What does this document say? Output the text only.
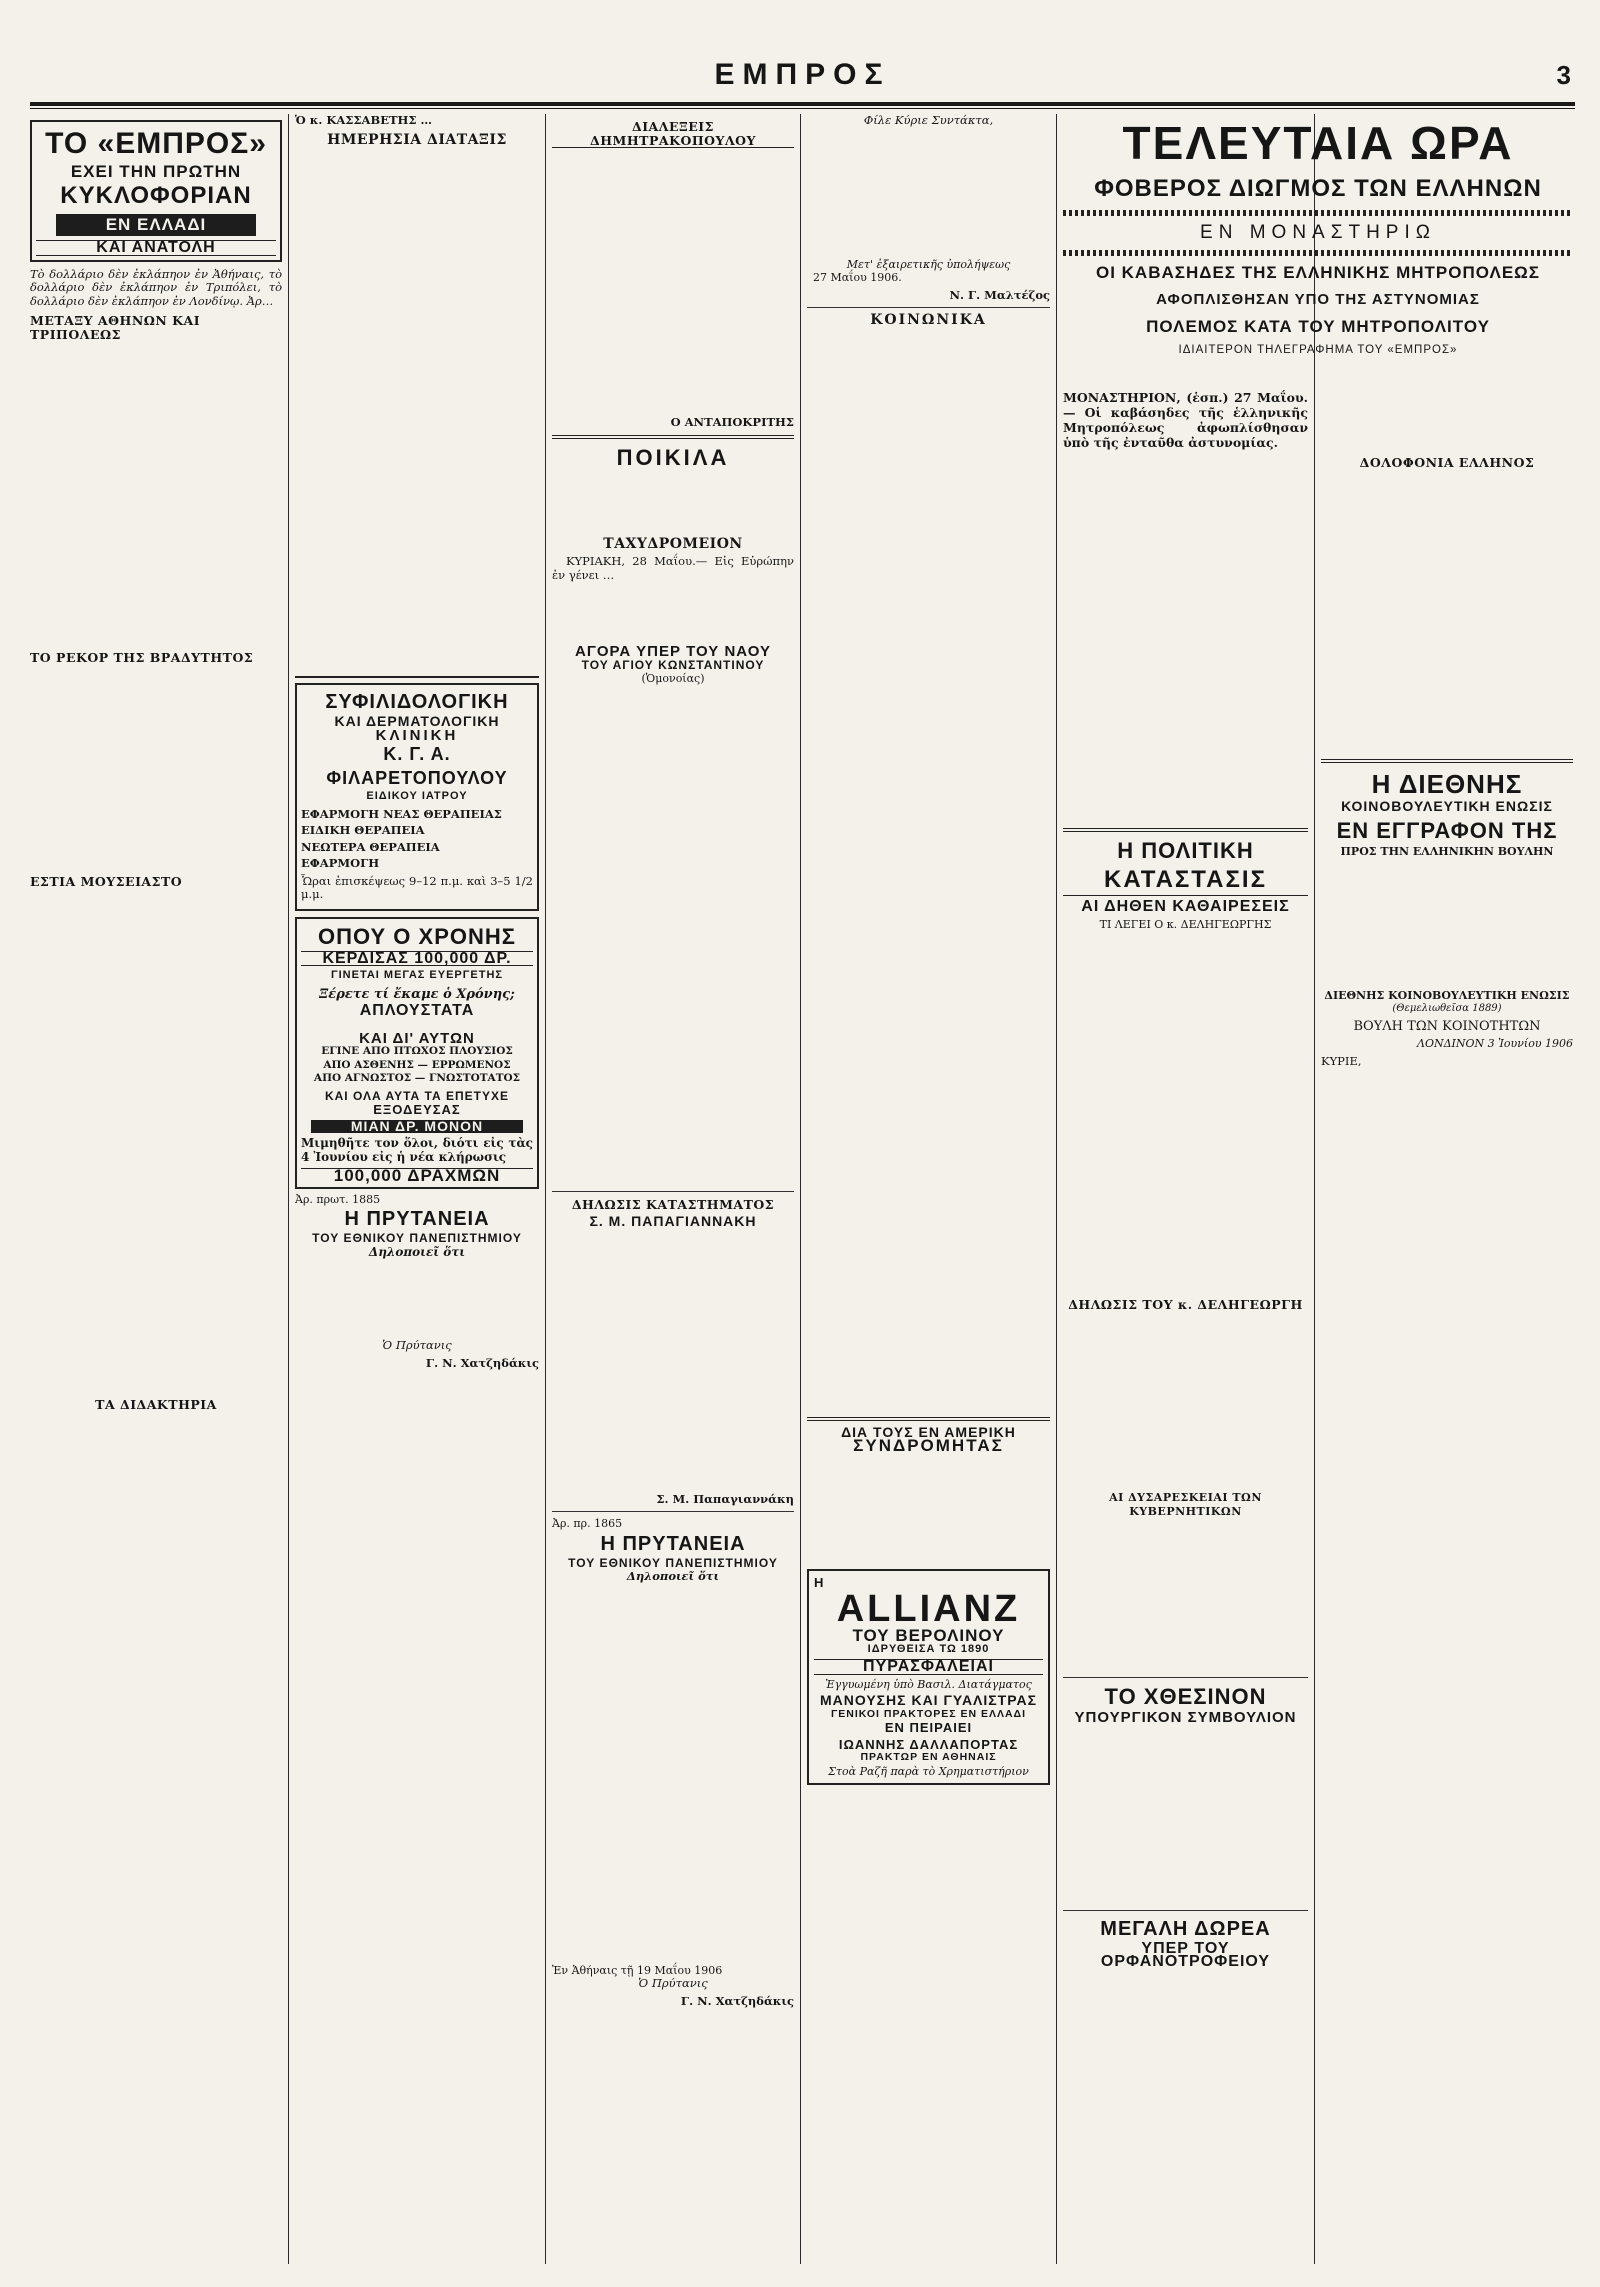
ΕΜΠΡΟΣ	3
ΤΟ «ΕΜΠΡΟΣ»
ΕΧΕΙ ΤΗΝ ΠΡΩΤΗΝ
ΚΥΚΛΟΦΟΡΙΑΝ
ΕΝ ΕΛΛΑΔΙ
ΚΑΙ ΑΝΑΤΟΛΗ

Τὸ δολλάριο δὲν ἐκλάπηον ἐν Ἀθήναις, τὸ δολλάριο δὲν ἐκλάπηον ἐν Τριπόλει, τὸ δολλάριο δὲν ἐκλάπηον ἐν Λονδίνῳ. Ἀρ…

ΜΕΤΑΞΥ ΑΘΗΝΩΝ ΚΑΙ ΤΡΙΠΟΛΕΩΣ
ΤΟ ΡΕΚΟΡ ΤΗΣ ΒΡΑΔΥΤΗΤΟΣ
ΕΣΤΙΑ ΜΟΥΣΕΙΑΣΤΟ
ΤΑ ΔΙΔΑΚΤΗΡΙΑ

Ὁ κ. ΚΑΣΣΑΒΕΤΗΣ …

ΗΜΕΡΗΣΙΑ ΔΙΑΤΑΞΙΣ
ΣΥΦΙΛΙΔΟΛΟΓΙΚΗ
ΚΑΙ ΔΕΡΜΑΤΟΛΟΓΙΚΗ
ΚΛΙΝΙΚΗ
Κ. Γ. Α. ΦΙΛΑΡΕΤΟΠΟΥΛΟΥ
ΕΙΔΙΚΟΥ ΙΑΤΡΟΥ

ΕΦΑΡΜΟΓΗ ΝΕΑΣ ΘΕΡΑΠΕΙΑΣ

ΕΙΔΙΚΗ ΘΕΡΑΠΕΙΑ

ΝΕΩΤΕΡΑ ΘΕΡΑΠΕΙΑ

ΕΦΑΡΜΟΓΗ

Ὧραι ἐπισκέψεως 9–12 π.μ. καὶ 3–5 1/2 μ.μ.

ΟΠΟΥ Ο ΧΡΟΝΗΣ
ΚΕΡΔΙΣΑΣ 100,000 ΔΡ.
ΓΙΝΕΤΑΙ ΜΕΓΑΣ ΕΥΕΡΓΕΤΗΣ
Ξέρετε τί ἔκαμε ὁ Χρόνης;
ΑΠΛΟΥΣΤΑΤΑ
ΚΑΙ ΔΙ' ΑΥΤΩΝ
ΕΓΙΝΕ ΑΠΟ ΠΤΩΧΟΣ ΠΛΟΥΣΙΟΣ
ΑΠΟ ΑΣΘΕΝΗΣ — ΕΡΡΩΜΕΝΟΣ
ΑΠΟ ΑΓΝΩΣΤΟΣ — ΓΝΩΣΤΟΤΑΤΟΣ
ΚΑΙ ΟΛΑ ΑΥΤΑ ΤΑ ΕΠΕΤΥΧΕ
ΕΞΟΔΕΥΣΑΣ
ΜΙΑΝ ΔΡ. ΜΟΝΟΝ

Μιμηθῆτε τον ὅλοι, διότι εἰς τὰς 4 Ἰουνίου εἰς ἡ νέα κλήρωσις

100,000 ΔΡΑΧΜΩΝ
Ἀρ. πρωτ. 1885
Η ΠΡΥΤΑΝΕΙΑ
ΤΟΥ ΕΘΝΙΚΟΥ ΠΑΝΕΠΙΣΤΗΜΙΟΥ
Δηλοποιεῖ ὅτι
Ὁ Πρύτανις
Γ. Ν. Χατζηδάκις
ΔΙΑΛΕΞΕΙΣ ΔΗΜΗΤΡΑΚΟΠΟΥΛΟΥ
Ο ΑΝΤΑΠΟΚΡΙΤΗΣ
ΠΟΙΚΙΛΑ
ΤΑΧΥΔΡΟΜΕΙΟΝ

ΚΥΡΙΑΚΗ, 28 Μαΐου.— Εἰς Εὐρώπην ἐν γένει …

ΑΓΟΡΑ ΥΠΕΡ ΤΟΥ ΝΑΟΥ
ΤΟΥ ΑΓΙΟΥ ΚΩΝΣΤΑΝΤΙΝΟΥ
(Ὁμονοίας)
ΔΗΛΩΣΙΣ ΚΑΤΑΣΤΗΜΑΤΟΣ
Σ. Μ. ΠΑΠΑΓΙΑΝΝΑΚΗ
Σ. Μ. Παπαγιαννάκη
Ἀρ. πρ. 1865
Η ΠΡΥΤΑΝΕΙΑ
ΤΟΥ ΕΘΝΙΚΟΥ ΠΑΝΕΠΙΣΤΗΜΙΟΥ
Δηλοποιεῖ ὅτι
Ἐν Ἀθήναις τῇ 19 Μαΐου 1906
Ὁ Πρύτανις
Γ. Ν. Χατζηδάκις
Φίλε Κύριε Συντάκτα,
Μετ' ἐξαιρετικῆς ὑπολήψεως
27 Μαΐου 1906.
Ν. Γ. Μαλτέζος
ΚΟΙΝΩΝΙΚΑ
ΔΙΑ ΤΟΥΣ ΕΝ ΑΜΕΡΙΚΗ
ΣΥΝΔΡΟΜΗΤΑΣ
Η
ALLIANZ
ΤΟΥ ΒΕΡΟΛΙΝΟΥ
ΙΔΡΥΘΕΙΣΑ ΤΩ 1890
ΠΥΡΑΣΦΑΛΕΙΑΙ
Ἐγγυωμένη ὑπὸ Βασιλ. Διατάγματος
ΜΑΝΟΥΣΗΣ ΚΑΙ ΓΥΑΛΙΣΤΡΑΣ
ΓΕΝΙΚΟΙ ΠΡΑΚΤΟΡΕΣ ΕΝ ΕΛΛΑΔΙ
ΕΝ ΠΕΙΡΑΙΕΙ
ΙΩΑΝΝΗΣ ΔΑΛΛΑΠΟΡΤΑΣ
ΠΡΑΚΤΩΡ ΕΝ ΑΘΗΝΑΙΣ
Στοὰ Ραζῆ παρὰ τὸ Χρηματιστήριον
ΤΕΛΕΥΤΑΙΑ ΩΡΑ
ΦΟΒΕΡΟΣ ΔΙΩΓΜΟΣ ΤΩΝ ΕΛΛΗΝΩΝ
ΕΝ ΜΟΝΑΣΤΗΡΙΩ
ΟΙ ΚΑΒΑΣΗΔΕΣ ΤΗΣ ΕΛΛΗΝΙΚΗΣ ΜΗΤΡΟΠΟΛΕΩΣ
ΑΦΟΠΛΙΣΘΗΣΑΝ ΥΠΟ ΤΗΣ ΑΣΤΥΝΟΜΙΑΣ
ΠΟΛΕΜΟΣ ΚΑΤΑ ΤΟΥ ΜΗΤΡΟΠΟΛΙΤΟΥ
ΙΔΙΑΙΤΕΡΟΝ ΤΗΛΕΓΡΑΦΗΜΑ ΤΟΥ «ΕΜΠΡΟΣ»

ΜΟΝΑΣΤΗΡΙΟΝ, (ἑσπ.) 27 Μαΐου.— Οἱ καβάσηδες τῆς ἑλληνικῆς Μητροπόλεως ἀφωπλίσθησαν ὑπὸ τῆς ἐνταῦθα ἀστυνομίας.

Η ΠΟΛΙΤΙΚΗ
ΚΑΤΑΣΤΑΣΙΣ
ΑΙ ΔΗΘΕΝ ΚΑΘΑΙΡΕΣΕΙΣ
ΤΙ ΛΕΓΕΙ Ο κ. ΔΕΛΗΓΕΩΡΓΗΣ
ΔΗΛΩΣΙΣ ΤΟΥ κ. ΔΕΛΗΓΕΩΡΓΗ
ΑΙ ΔΥΣΑΡΕΣΚΕΙΑΙ ΤΩΝ ΚΥΒΕΡΝΗΤΙΚΩΝ
ΤΟ ΧΘΕΣΙΝΟΝ
ΥΠΟΥΡΓΙΚΟΝ ΣΥΜΒΟΥΛΙΟΝ
ΜΕΓΑΛΗ ΔΩΡΕΑ
ΥΠΕΡ ΤΟΥ ΟΡΦΑΝΟΤΡΟΦΕΙΟΥ
ΔΟΛΟΦΟΝΙΑ ΕΛΛΗΝΟΣ
Η ΔΙΕΘΝΗΣ
ΚΟΙΝΟΒΟΥΛΕΥΤΙΚΗ ΕΝΩΣΙΣ
ΕΝ ΕΓΓΡΑΦΟΝ ΤΗΣ
ΠΡΟΣ ΤΗΝ ΕΛΛΗΝΙΚΗΝ ΒΟΥΛΗΝ
ΔΙΕΘΝΗΣ ΚΟΙΝΟΒΟΥΛΕΥΤΙΚΗ ΕΝΩΣΙΣ
(Θεμελιωθεῖσα 1889)
ΒΟΥΛΗ ΤΩΝ ΚΟΙΝΟΤΗΤΩΝ
ΛΟΝΔΙΝΟΝ 3 Ἰουνίου 1906
ΚΥΡΙΕ,
